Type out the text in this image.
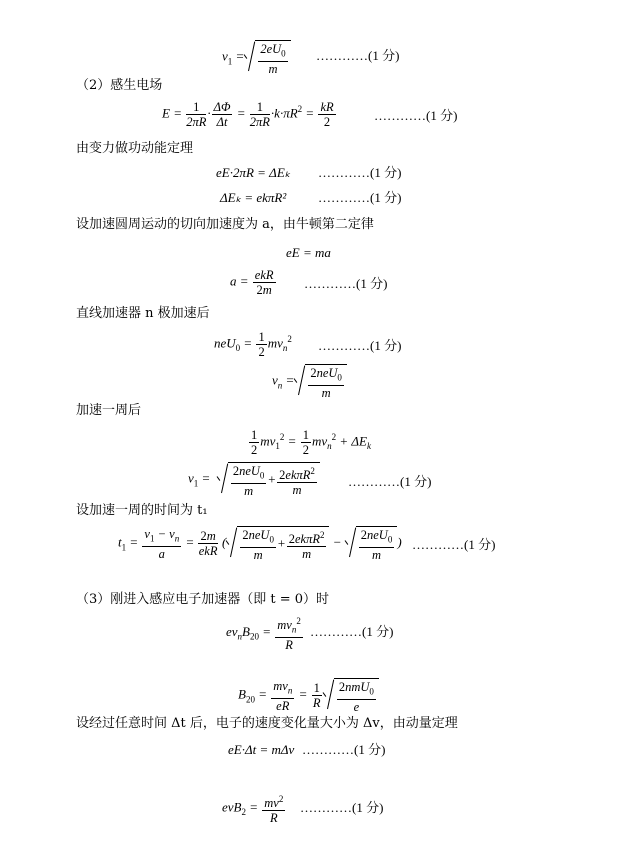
$v_1 = \frac{2eU_0}{m}$ …………(1 分)
（2）感生电场
$E = \frac{1}{2\pi R} \cdot \frac{\Delta\Phi}{\Delta t} = \frac{1}{2\pi R} \cdot k\cdot\pi R^2 = \frac{kR}{2}$	…………(1 分)
由变力做功动能定理
eE·2πR = ΔEₖ …………(1 分)
ΔEₖ = ekπR² …………(1 分)
设加速圆周运动的切向加速度为 a，由牛顿第二定律
eE = ma
$a = \frac{\text{ekR}}{2m}$ …………(1 分)
直线加速器 n 极加速后
$neU_0 = \frac{1}{2} mv_n^2$ …………(1 分)
$v_n = \frac{2neU_0}{m}$
加速一周后
$\frac{1}{2} mv_1^2 = \frac{1}{2} mv_n^2 + \Delta E_k$
$v_1 = \frac{2neU_0}{m} + \frac{2ek\pi R^2}{m}$ …………(1 分)
设加速一周的时间为 t₁
$t_1 = \frac{v_1 - v_n}{a} = \frac{2m}{\text{ekR}}$ ( $\frac{2neU_0}{m} + \frac{2ek\pi R^2}{m} - \frac{2neU_0}{m}$ ) …………(1 分)
（3）刚进入感应电子加速器（即 t = 0）时
$ev_nB_{20} = \frac{mv_n^2}{R}$ …………(1 分)
$B_{20} = \frac{mv_n}{eR} = \frac{1}{R} \frac{2nmU_0}{e}$
设经过任意时间 Δt 后，电子的速度变化量大小为 Δv，由动量定理
eE·Δt = mΔv …………(1 分)
$evB_2 = \frac{mv^2}{R}$ …………(1 分)
